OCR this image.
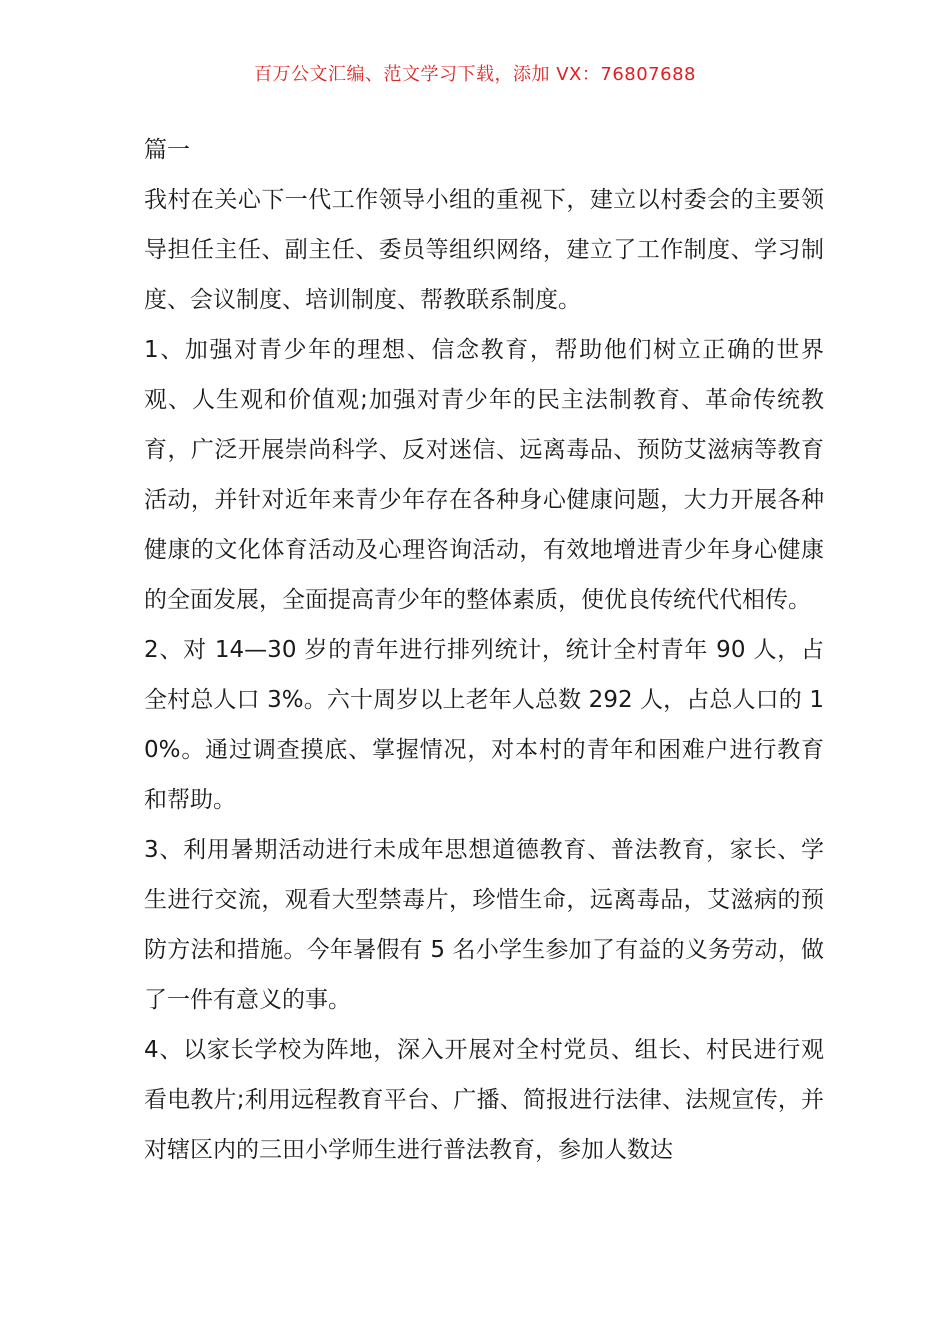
百万公文汇编、范文学习下载，添加 VX：76807688

篇一

我村在关心下一代工作领导小组的重视下，建立以村委会的主要领导担任主任、副主任、委员等组织网络，建立了工作制度、学习制度、会议制度、培训制度、帮教联系制度。

1、加强对青少年的理想、信念教育，帮助他们树立正确的世界观、人生观和价值观;加强对青少年的民主法制教育、革命传统教育，广泛开展崇尚科学、反对迷信、远离毒品、预防艾滋病等教育活动，并针对近年来青少年存在各种身心健康问题，大力开展各种健康的文化体育活动及心理咨询活动，有效地增进青少年身心健康的全面发展，全面提高青少年的整体素质，使优良传统代代相传。

2、对 14—30 岁的青年进行排列统计，统计全村青年 90 人，占全村总人口 3%。六十周岁以上老年人总数 292 人，占总人口的 10%。通过调查摸底、掌握情况，对本村的青年和困难户进行教育和帮助。

3、利用暑期活动进行未成年思想道德教育、普法教育，家长、学生进行交流，观看大型禁毒片，珍惜生命，远离毒品，艾滋病的预防方法和措施。今年暑假有 5 名小学生参加了有益的义务劳动，做了一件有意义的事。

4、以家长学校为阵地，深入开展对全村党员、组长、村民进行观看电教片;利用远程教育平台、广播、简报进行法律、法规宣传，并对辖区内的三田小学师生进行普法教育，参加人数达
